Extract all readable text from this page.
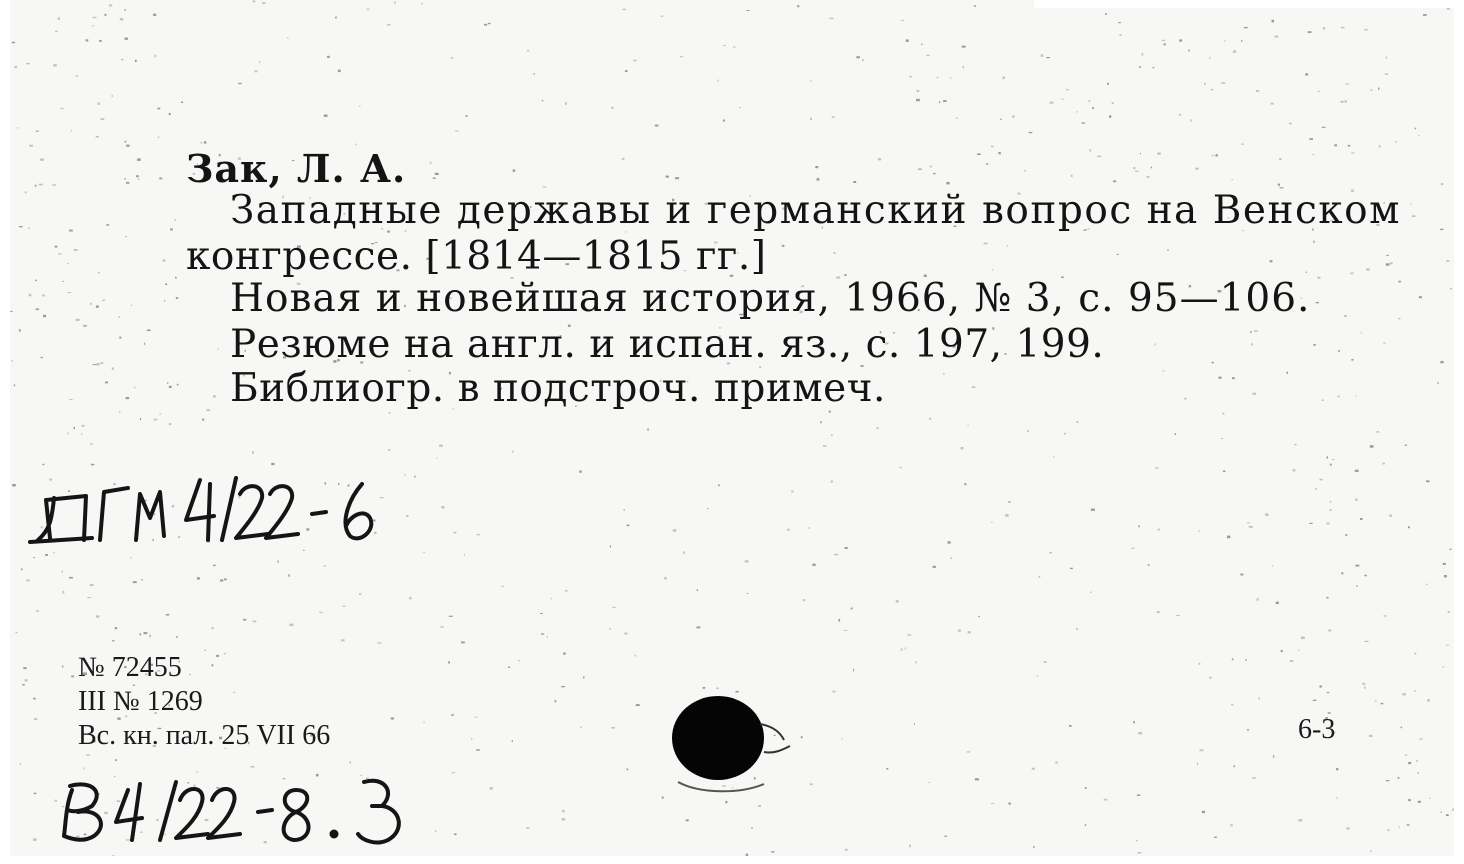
Зак, Л. А.
Западные державы и германский вопрос на Венском
конгрессе. [1814—1815 гг.]
Новая и новейшая история, 1966, № 3, с. 95—106.
Резюме на англ. и испан. яз., с. 197, 199.
Библиогр. в подстроч. примеч.
№ 72455
III № 1269
Вс. кн. пал. 25 VII 66	6-3
